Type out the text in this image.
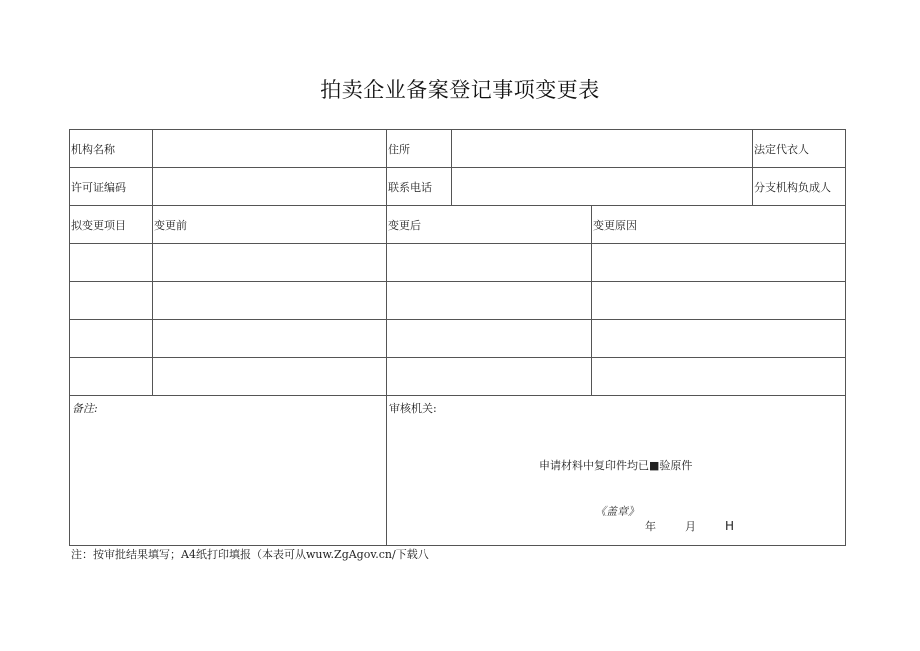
拍卖企业备案登记事项变更表
机构名称		住所			法定代衣人
许可证编码		联系电话			分支机构负成人
拟变更项目	变更前	变更后		变更原因	

备注:		审核机关:
申请材料中复印件均已■验原件
《盖章》
年 月 H			
注：按审批结果填写；A4纸打印填报（本表可从wuw.ZgAgov.cn/下载八
